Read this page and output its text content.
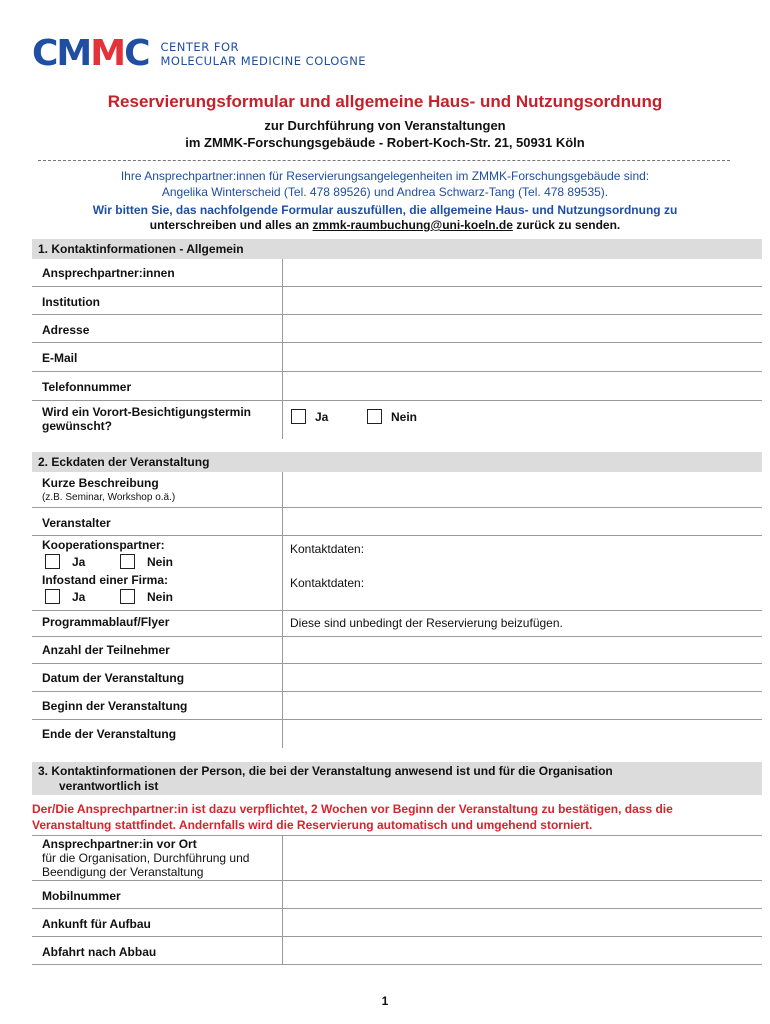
CM M C CENTER FOR
MOLECULAR MEDICINE COLOGNE
Reservierungsformular und allgemeine Haus- und Nutzungsordnung
zur Durchführung von Veranstaltungen
im ZMMK-Forschungsgebäude - Robert-Koch-Str. 21, 50931 Köln
Ihre Ansprechpartner:innen für Reservierungsangelegenheiten im ZMMK-Forschungsgebäude sind:
Angelika Winterscheid (Tel. 478 89526) und Andrea Schwarz-Tang (Tel. 478 89535).
Wir bitten Sie, das nachfolgende Formular auszufüllen, die allgemeine Haus- und Nutzungsordnung zu
unterschreiben und alles an zmmk-raumbuchung@uni-koeln.de zurück zu senden.
1. Kontaktinformationen - Allgemein
Ansprechpartner:innen
Institution
Adresse
E-Mail
Telefonnummer
Wird ein Vorort-Besichtigungstermin
gewünscht?
Ja	Nein
2. Eckdaten der Veranstaltung
Kurze Beschreibung
(z.B. Seminar, Workshop o.ä.)
Veranstalter
Kooperationspartner:
Ja	Nein
Kontaktdaten:
Infostand einer Firma:
Ja	Nein
Kontaktdaten:
Programmablauf/Flyer	Diese sind unbedingt der Reservierung beizufügen.
Anzahl der Teilnehmer
Datum der Veranstaltung
Beginn der Veranstaltung
Ende der Veranstaltung
3. Kontaktinformationen der Person, die bei der Veranstaltung anwesend ist und für die Organisation
verantwortlich ist
Der/Die Ansprechpartner:in ist dazu verpflichtet, 2 Wochen vor Beginn der Veranstaltung zu bestätigen, dass die
Veranstaltung stattfindet. Andernfalls wird die Reservierung automatisch und umgehend storniert.
Ansprechpartner:in vor Ort
für die Organisation, Durchführung und
Beendigung der Veranstaltung
Mobilnummer
Ankunft für Aufbau
Abfahrt nach Abbau
1
